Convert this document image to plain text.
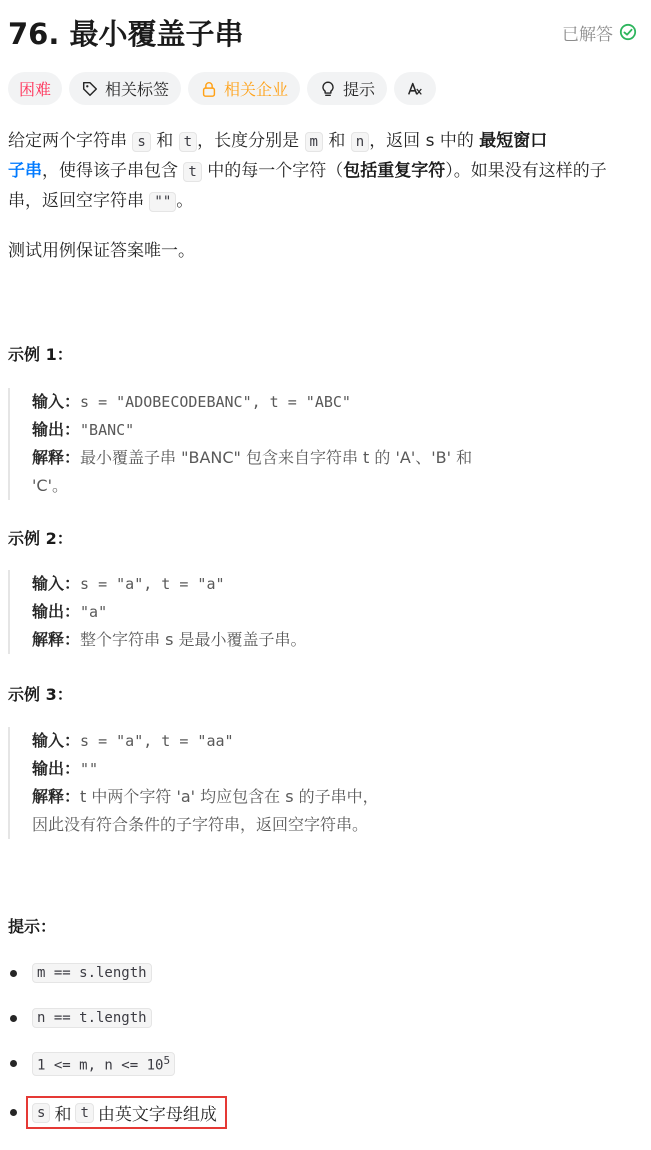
76. 最小覆盖子串	已解答
困难	相关标签	相关企业	提示
给定两个字符串 s 和 t ，长度分别是 m 和 n ，返回 s 中的 最短窗口
子串，使得该子串包含 t 中的每一个字符（包括重复字符）。如果没有这样的子串，返回空字符串 "" 。
测试用例保证答案唯一。
示例 1：
输入：s = "ADOBECODEBANC", t = "ABC"
输出："BANC"
解释：最小覆盖子串 "BANC" 包含来自字符串 t 的 'A'、'B' 和
'C'。
示例 2：
输入：s = "a", t = "a"
输出："a"
解释：整个字符串 s 是最小覆盖子串。
示例 3：
输入：s = "a", t = "aa"
输出：""
解释：t 中两个字符 'a' 均应包含在 s 的子串中，
因此没有符合条件的子字符串，返回空字符串。
提示：
m == s.length
n == t.length
1 <= m, $n <= 10^5$
s 和 t 由英文字母组成
